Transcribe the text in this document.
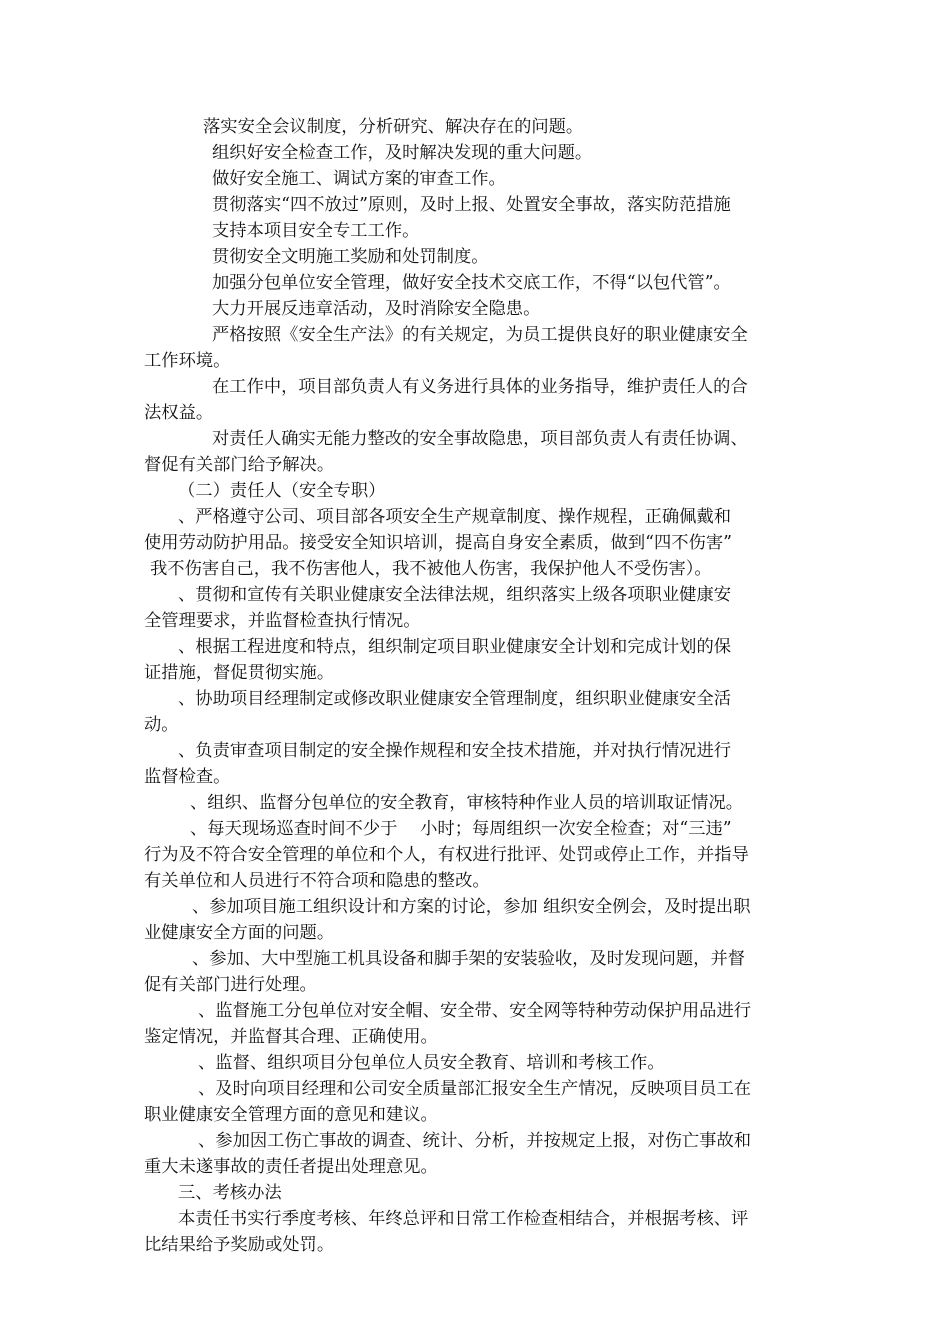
落实安全会议制度，分析研究、解决存在的问题。
组织好安全检查工作，及时解决发现的重大问题。
做好安全施工、调试方案的审查工作。
贯彻落实“四不放过”原则，及时上报、处置安全事故，落实防范措施
支持本项目安全专工工作。
贯彻安全文明施工奖励和处罚制度。
加强分包单位安全管理，做好安全技术交底工作，不得“以包代管”。
大力开展反违章活动，及时消除安全隐患。
严格按照《安全生产法》的有关规定，为员工提供良好的职业健康安全
工作环境。
在工作中，项目部负责人有义务进行具体的业务指导，维护责任人的合
法权益。
对责任人确实无能力整改的安全事故隐患，项目部负责人有责任协调、
督促有关部门给予解决。
（二）责任人（安全专职）
、严格遵守公司、项目部各项安全生产规章制度、操作规程，正确佩戴和
使用劳动防护用品。接受安全知识培训，提高自身安全素质，做到“四不伤害”
我不伤害自己，我不伤害他人，我不被他人伤害，我保护他人不受伤害）。
、贯彻和宣传有关职业健康安全法律法规，组织落实上级各项职业健康安
全管理要求，并监督检查执行情况。
、根据工程进度和特点，组织制定项目职业健康安全计划和完成计划的保
证措施，督促贯彻实施。
、协助项目经理制定或修改职业健康安全管理制度，组织职业健康安全活
动。
、负责审查项目制定的安全操作规程和安全技术措施，并对执行情况进行
监督检查。
、组织、监督分包单位的安全教育，审核特种作业人员的培训取证情况。
、每天现场巡查时间不少于　 小时；每周组织一次安全检查；对“三违”
行为及不符合安全管理的单位和个人，有权进行批评、处罚或停止工作，并指导
有关单位和人员进行不符合项和隐患的整改。
、参加项目施工组织设计和方案的讨论，参加 组织安全例会，及时提出职
业健康安全方面的问题。
、参加、大中型施工机具设备和脚手架的安装验收，及时发现问题，并督
促有关部门进行处理。
、监督施工分包单位对安全帽、安全带、安全网等特种劳动保护用品进行
鉴定情况，并监督其合理、正确使用。
、监督、组织项目分包单位人员安全教育、培训和考核工作。
、及时向项目经理和公司安全质量部汇报安全生产情况，反映项目员工在
职业健康安全管理方面的意见和建议。
、参加因工伤亡事故的调查、统计、分析，并按规定上报，对伤亡事故和
重大未遂事故的责任者提出处理意见。
三、考核办法
本责任书实行季度考核、年终总评和日常工作检查相结合，并根据考核、评
比结果给予奖励或处罚。
